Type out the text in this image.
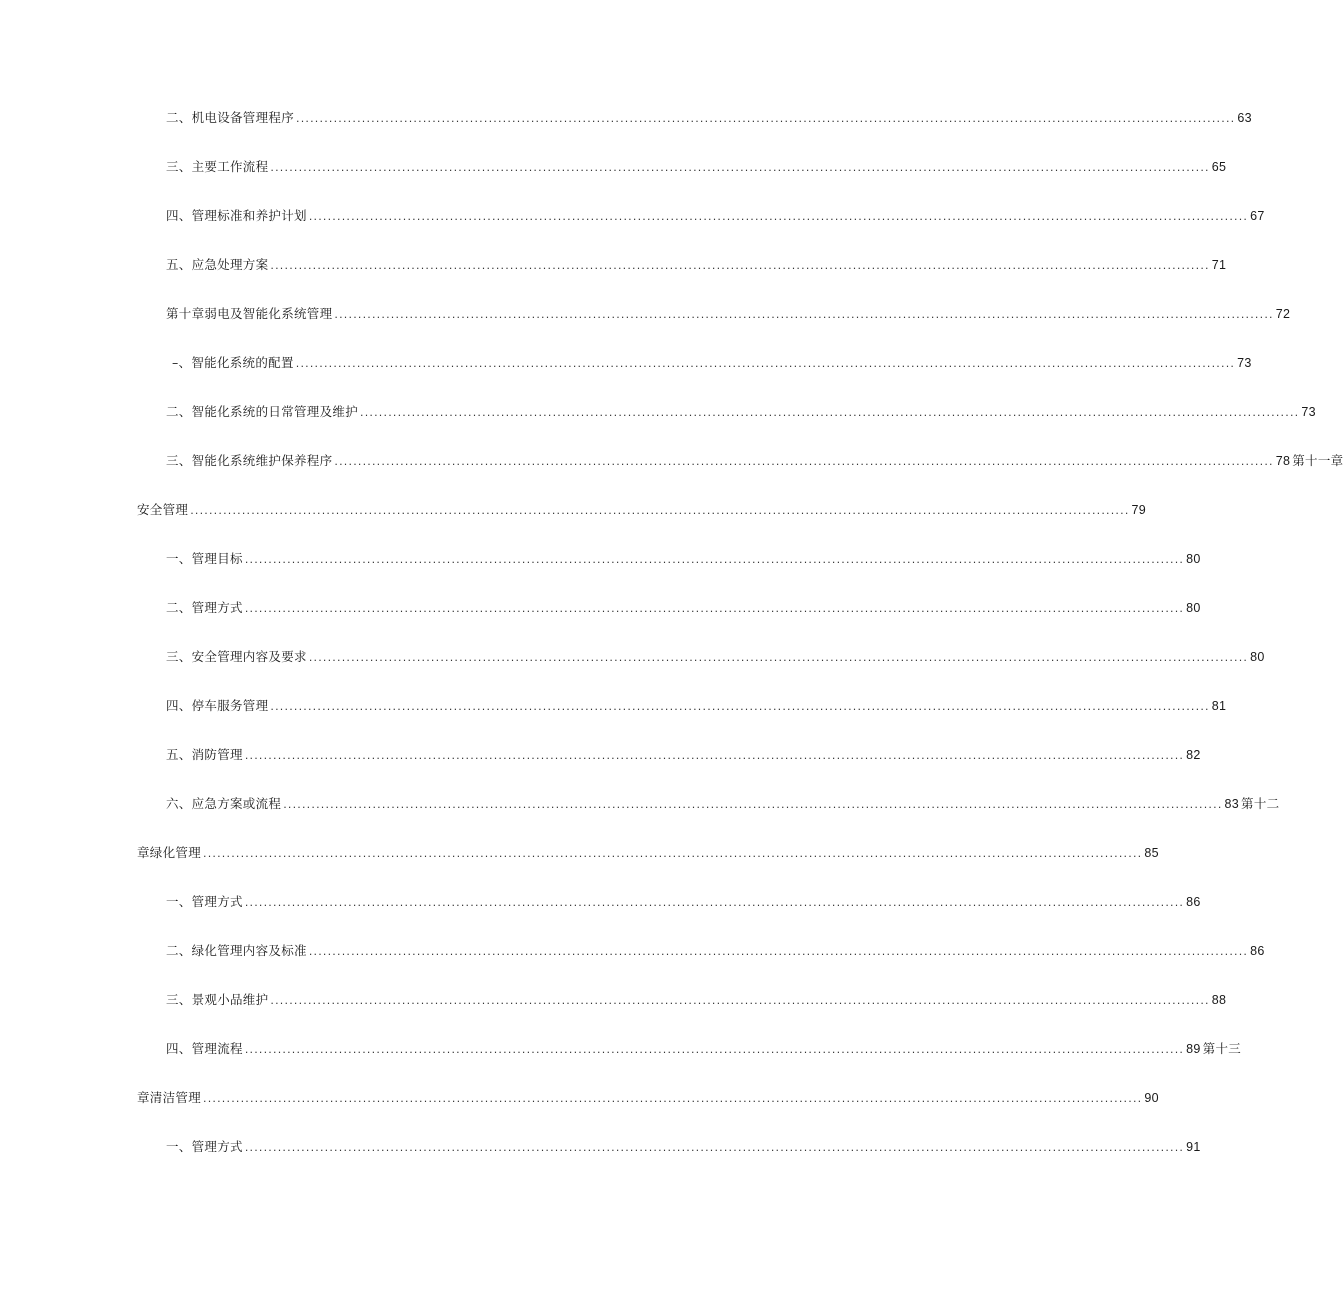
二、机电设备管理程序 ........................................................................................................................................................................................................ 63
三、主要工作流程 ........................................................................................................................................................................................................ 65
四、管理标准和养护计划 ........................................................................................................................................................................................................ 67
五、应急处理方案 ........................................................................................................................................................................................................ 71
第十章弱电及智能化系统管理 ........................................................................................................................................................................................................ 72
–、智能化系统的配置 ........................................................................................................................................................................................................ 73
二、智能化系统的日常管理及维护 ........................................................................................................................................................................................................ 73
三、智能化系统维护保养程序 ........................................................................................................................................................................................................ 78 第十一章
安全管理 ........................................................................................................................................................................................................ 79
一、管理目标 ........................................................................................................................................................................................................ 80
二、管理方式 ........................................................................................................................................................................................................ 80
三、安全管理内容及要求 ........................................................................................................................................................................................................ 80
四、停车服务管理 ........................................................................................................................................................................................................ 81
五、消防管理 ........................................................................................................................................................................................................ 82
六、应急方案或流程 ........................................................................................................................................................................................................ 83 第十二
章绿化管理 ........................................................................................................................................................................................................ 85
一、管理方式 ........................................................................................................................................................................................................ 86
二、绿化管理内容及标准 ........................................................................................................................................................................................................ 86
三、景观小品维护 ........................................................................................................................................................................................................ 88
四、管理流程 ........................................................................................................................................................................................................ 89 第十三
章清洁管理 ........................................................................................................................................................................................................ 90
一、管理方式 ........................................................................................................................................................................................................ 91
